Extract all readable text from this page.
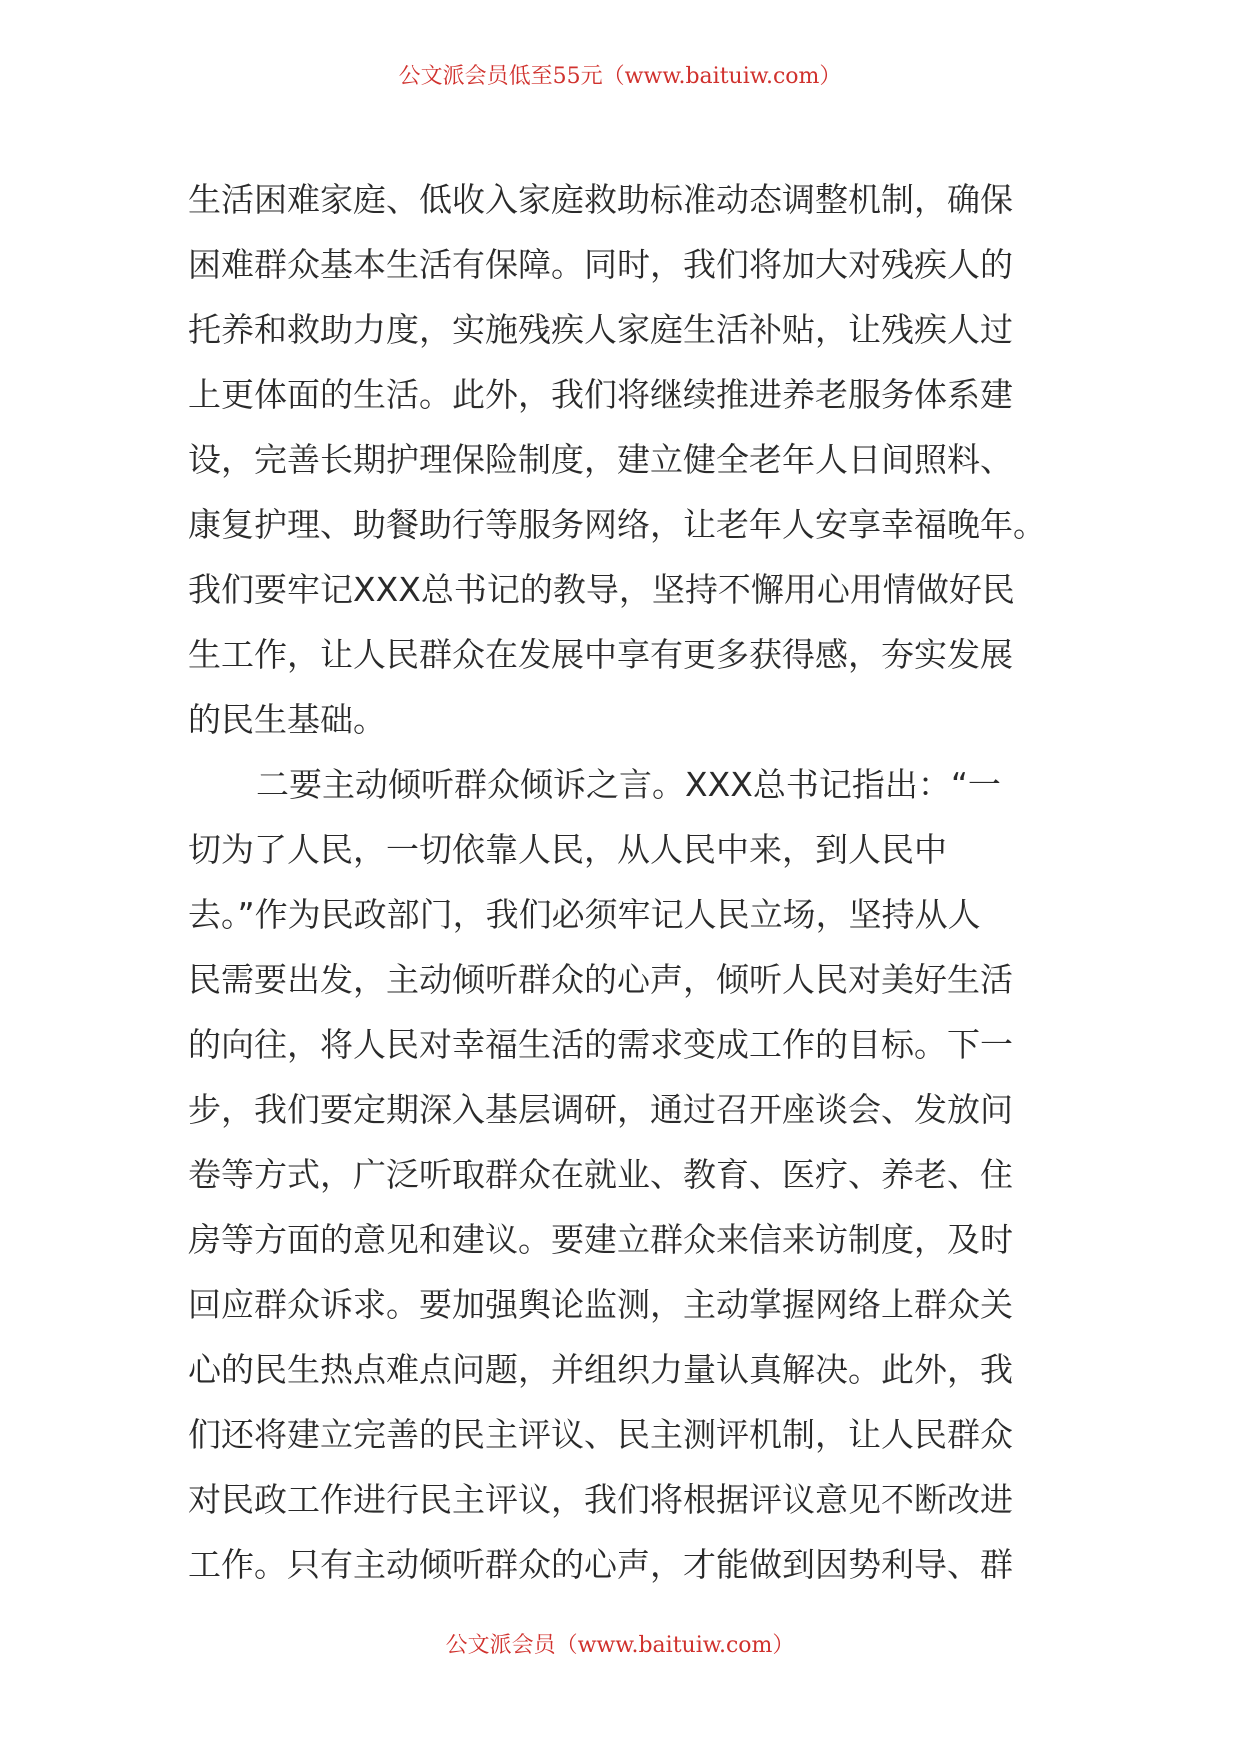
公文派会员低至55元（www.baituiw.com）
生活困难家庭、低收入家庭救助标准动态调整机制，确保
困难群众基本生活有保障。同时，我们将加大对残疾人的
托养和救助力度，实施残疾人家庭生活补贴，让残疾人过
上更体面的生活。此外，我们将继续推进养老服务体系建
设，完善长期护理保险制度，建立健全老年人日间照料、
康复护理、助餐助行等服务网络，让老年人安享幸福晚年。
我们要牢记XXX总书记的教导，坚持不懈用心用情做好民
生工作，让人民群众在发展中享有更多获得感，夯实发展
的民生基础。
二要主动倾听群众倾诉之言。XXX总书记指出：“一
切为了人民，一切依靠人民，从人民中来，到人民中
去。”作为民政部门，我们必须牢记人民立场，坚持从人
民需要出发，主动倾听群众的心声，倾听人民对美好生活
的向往，将人民对幸福生活的需求变成工作的目标。下一
步，我们要定期深入基层调研，通过召开座谈会、发放问
卷等方式，广泛听取群众在就业、教育、医疗、养老、住
房等方面的意见和建议。要建立群众来信来访制度，及时
回应群众诉求。要加强舆论监测，主动掌握网络上群众关
心的民生热点难点问题，并组织力量认真解决。此外，我
们还将建立完善的民主评议、民主测评机制，让人民群众
对民政工作进行民主评议，我们将根据评议意见不断改进
工作。只有主动倾听群众的心声，才能做到因势利导、群
公文派会员（www.baituiw.com）
